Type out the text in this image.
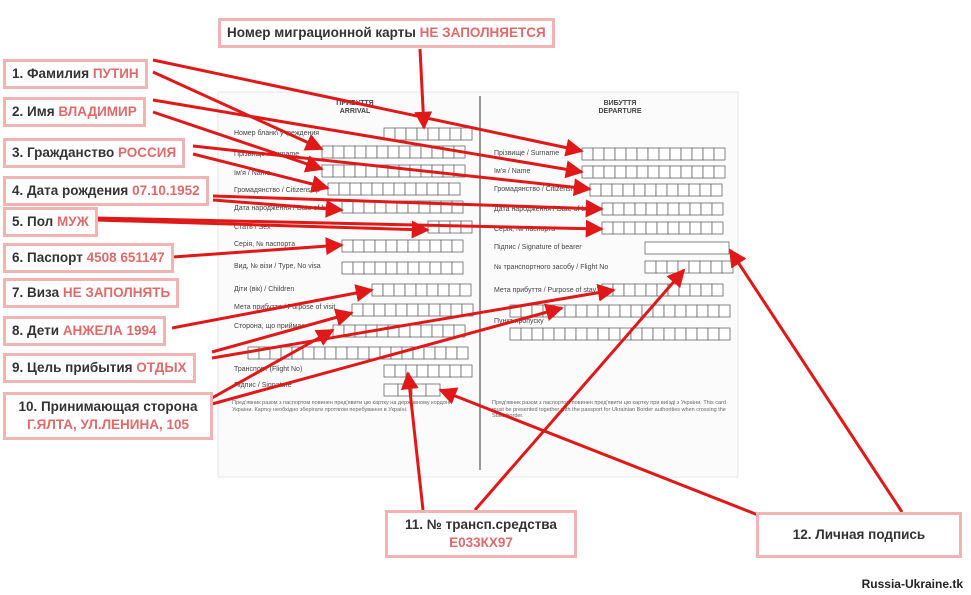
ПРИБУТТЯ
ARRIVAL
ВИБУТТЯ
DEPARTURE
Номер бланк\ учреждения
Прізвище / Surname
Ім'я / Name
Громадянство / Citizenship
Дата народження / Date of birth
Стать / Sex
Серія, № паспорта
Вид, № візи / Type, No visa
Діти (вік) / Children
Мета прибуття / Purpose of visit
Сторона, що приймає
Транспорт (Flight No)
Підпис / Signature
Прізвище / Surname
Ім'я / Name
Громадянство / Citizenship
Дата народження / Date of birth
Серія, № паспорта
Підпис / Signature of bearer
№ транспортного засобу / Flight No
Мета прибуття / Purpose of stay
Пункт пропуску
Пред'явник разом з паспортом повинен пред'явити цю картку на державному кордоні України. Картку необхідно зберігати протягом перебування в Україні.
Пред'явник разом з паспортом повинен пред'явити цю картку при виїзді з України. This card must be presented together with the passport for Ukrainian Border authorities when crossing the State border.
Номер миграционной карты НЕ ЗАПОЛНЯЕТСЯ
1. Фамилия ПУТИН
2. Имя ВЛАДИМИР
3. Гражданство РОССИЯ
4. Дата рождения 07.10.1952
5. Пол МУЖ
6. Паспорт 4508 651147
7. Виза НЕ ЗАПОЛНЯТЬ
8. Дети АНЖЕЛА 1994
9. Цель прибытия ОТДЫХ
10. Принимающая сторона
Г.ЯЛТА, УЛ.ЛЕНИНА, 105
11. № трансп.средства
Е033КХ97
12. Личная подпись
Russia-Ukraine.tk
